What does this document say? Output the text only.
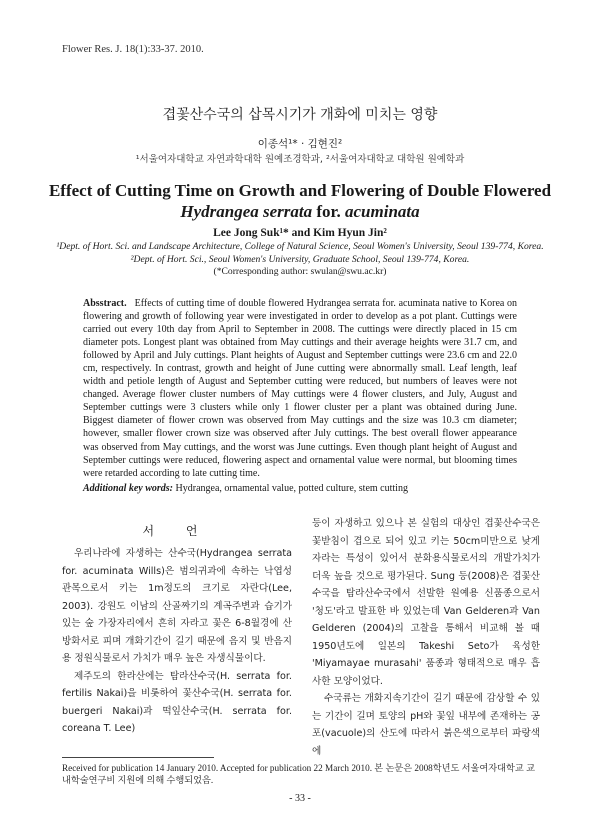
Flower Res. J. 18(1):33-37. 2010.
겹꽃산수국의 삽목시기가 개화에 미치는 영향
이종석¹* · 김현진²
¹서울여자대학교 자연과학대학 원예조경학과, ²서울여자대학교 대학원 원예학과
Effect of Cutting Time on Growth and Flowering of Double Flowered
Hydrangea serrata for. acuminata
Lee Jong Suk¹* and Kim Hyun Jin²
¹Dept. of Hort. Sci. and Landscape Architecture, College of Natural Science, Seoul Women's University, Seoul 139-774, Korea.
²Dept. of Hort. Sci., Seoul Women's University, Graduate School, Seoul 139-774, Korea.
(*Corresponding author: swulan@swu.ac.kr)
Absstract. Effects of cutting time of double flowered Hydrangea serrata for. acuminata native to Korea on flowering and growth of following year were investigated in order to develop as a pot plant. Cuttings were carried out every 10th day from April to September in 2008. The cuttings were directly placed in 15 cm diameter pots. Longest plant was obtained from May cuttings and their average heights were 31.7 cm, and followed by April and July cuttings. Plant heights of August and September cuttings were 23.6 cm and 22.0 cm, respectively. In contrast, growth and height of June cutting were abnormally small. Leaf length, leaf width and petiole length of August and September cutting were reduced, but numbers of leaves were not changed. Average flower cluster numbers of May cuttings were 4 flower clusters, and July, August and September cuttings were 3 clusters while only 1 flower cluster per a plant was obtained during June. Biggest diameter of flower crown was observed from May cuttings and the size was 10.3 cm diameter; however, smaller flower crown size was observed after July cuttings. The best overall flower appearance was observed from May cuttings, and the worst was June cuttings. Even though plant height of August and September cuttings were reduced, flowering aspect and ornamental value were normal, but blooming times were retarded according to late cutting time.
Additional key words: Hydrangea, ornamental value, potted culture, stem cutting
서 언

우리나라에 자생하는 산수국(Hydrangea serrata for. acuminata Wills)은 범의귀과에 속하는 낙엽성 관목으로서 키는 1m정도의 크기로 자란다(Lee, 2003). 강원도 이남의 산골짜기의 계곡주변과 습기가 있는 숲 가장자리에서 흔히 자라고 꽃은 6-8월경에 산방화서로 피며 개화기간이 길기 때문에 음지 및 반음지용 정원식물로서 가치가 매우 높은 자생식물이다.

제주도의 한라산에는 탐라산수국(H. serrata for. fertilis Nakai)을 비롯하여 꽃산수국(H. serrata for. buergeri Nakai)과 떡잎산수국(H. serrata for. coreana T. Lee)

등이 자생하고 있으나 본 실험의 대상인 겹꽃산수국은 꽃받침이 겹으로 되어 있고 키는 50cm미만으로 낮게 자라는 특성이 있어서 분화용식물로서의 개발가치가 더욱 높을 것으로 평가된다. Sung 등(2008)은 겹꽃산수국을 탐라산수국에서 선발한 원예용 신품종으로서 '청도'라고 발표한 바 있었는데 Van Gelderen과 Van Gelderen (2004)의 고찰을 통해서 비교해 볼 때 1950년도에 일본의 Takeshi Seto가 육성한 'Miyamayae murasahi' 품종과 형태적으로 매우 흡사한 모양이었다.

수국류는 개화지속기간이 길기 때문에 감상할 수 있는 기간이 길며 토양의 pH와 꽃잎 내부에 존재하는 공포(vacuole)의 산도에 따라서 붉은색으로부터 파랑색에

Received for publication 14 January 2010. Accepted for publication 22 March 2010. 본 논문은 2008학년도 서울여자대학교 교내학술연구비 지원에 의해 수행되었음.
- 33 -
